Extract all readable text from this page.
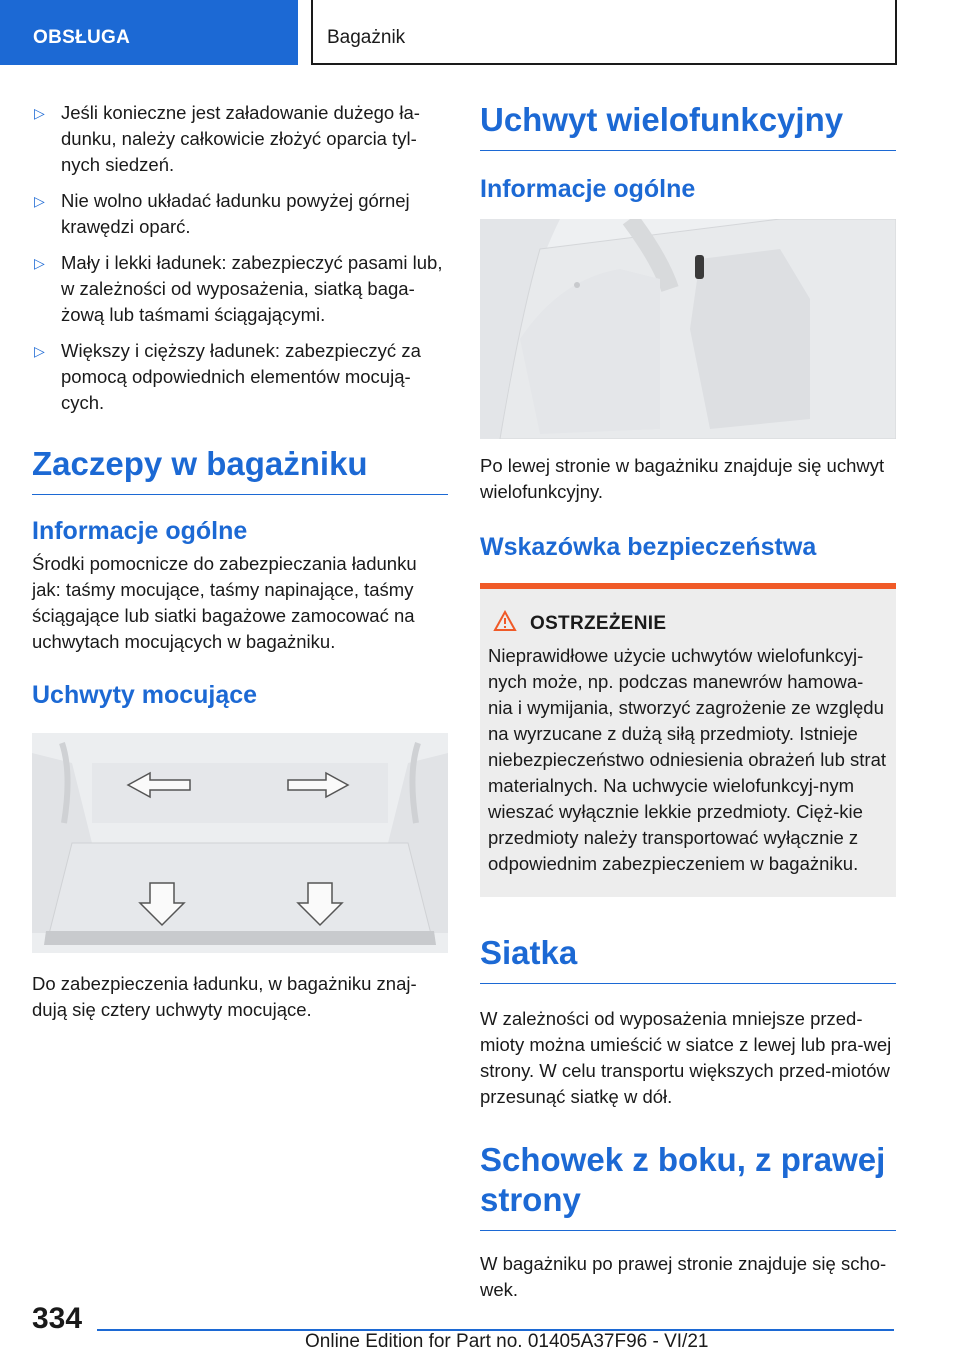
OBSŁUGA	Bagażnik
▷ Jeśli konieczne jest załadowanie dużego ła-dunku, należy całkowicie złożyć oparcia tyl-nych siedzeń.
▷ Nie wolno układać ładunku powyżej górnej krawędzi oparć.
▷ Mały i lekki ładunek: zabezpieczyć pasami lub, w zależności od wyposażenia, siatką baga-żową lub taśmami ściągającymi.
▷ Większy i cięższy ładunek: zabezpieczyć za pomocą odpowiednich elementów mocują-cych.
Zaczepy w bagażniku
Informacje ogólne

Środki pomocnicze do zabezpieczania ładunku jak: taśmy mocujące, taśmy napinające, taśmy ściągające lub siatki bagażowe zamocować na uchwytach mocujących w bagażniku.

Uchwyty mocujące

Do zabezpieczenia ładunku, w bagażniku znaj-dują się cztery uchwyty mocujące.

Uchwyt wielofunkcyjny
Informacje ogólne

Po lewej stronie w bagażniku znajduje się uchwyt wielofunkcyjny.

Wskazówka bezpieczeństwa
OSTRZEŻENIE

Nieprawidłowe użycie uchwytów wielofunkcyj-nych może, np. podczas manewrów hamowa-nia i wymijania, stworzyć zagrożenie ze względu na wyrzucane z dużą siłą przedmioty. Istnieje niebezpieczeństwo odniesienia obrażeń lub strat materialnych. Na uchwycie wielofunkcyj-nym wieszać wyłącznie lekkie przedmioty. Cięż-kie przedmioty należy transportować wyłącznie z odpowiednim zabezpieczeniem w bagażniku.

Siatka

W zależności od wyposażenia mniejsze przed-mioty można umieścić w siatce z lewej lub pra-wej strony. W celu transportu większych przed-miotów przesunąć siatkę w dół.

Schowek z boku, z prawej strony

W bagażniku po prawej stronie znajduje się scho-wek.

334
Online Edition for Part no. 01405A37F96 - VI/21
